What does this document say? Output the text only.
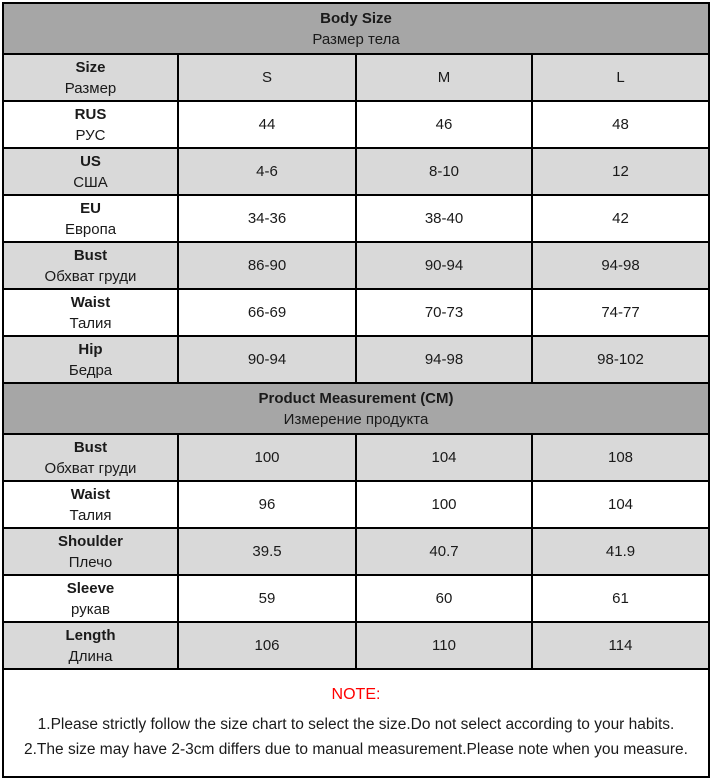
Body Size
Размер тела			

Size
Размер	S	M	L

RUS
РУС	44	46	48

US
США	4-6	8-10	12

EU
Европа	34-36	38-40	42

Bust
Обхват груди	86-90	90-94	94-98

Waist
Талия	66-69	70-73	74-77

Hip
Бедра	90-94	94-98	98-102

Product Measurement (CM)
Измерение продукта			

Bust
Обхват груди	100	104	108

Waist
Талия	96	100	104

Shoulder
Плечо	39.5	40.7	41.9

Sleeve
рукав	59	60	61

Length
Длина	106	110	114

NOTE:
1.Please strictly follow the size chart to select the size.Do not select according to your habits.
2.The size may have 2-3cm differs due to manual measurement.Please note when you measure.			
